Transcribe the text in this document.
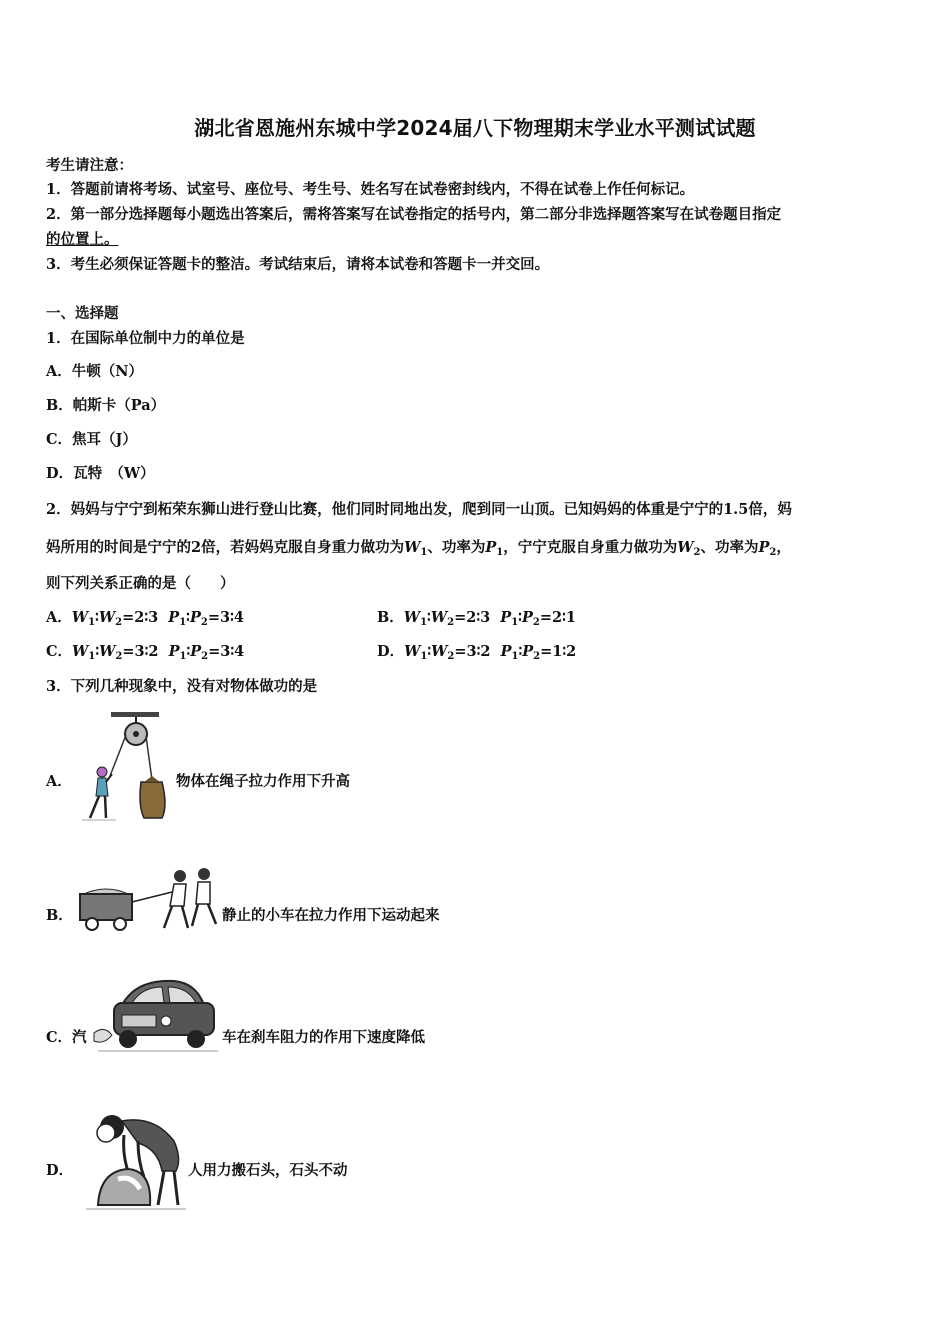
湖北省恩施州东城中学2024届八下物理期末学业水平测试试题
考生请注意：
1．答题前请将考场、试室号、座位号、考生号、姓名写在试卷密封线内，不得在试卷上作任何标记。
2．第一部分选择题每小题选出答案后，需将答案写在试卷指定的括号内，第二部分非选择题答案写在试卷题目指定
的位置上。
3．考生必须保证答题卡的整洁。考试结束后，请将本试卷和答题卡一并交回。
一、选择题
1．在国际单位制中力的单位是
A．牛顿（N）
B．帕斯卡（Pa）
C．焦耳（J）
D．瓦特　（W）
2．妈妈与宁宁到柘荣东狮山进行登山比赛，他们同时同地出发，爬到同一山顶。已知妈妈的体重是宁宁的1.5倍，妈
妈所用的时间是宁宁的2倍，若妈妈克服自身重力做功为$W_1$、功率为$P_1$，宁宁克服自身重力做功为$W_2$、功率为$P_2$，
则下列关系正确的是（　　）
A．$W_1∶W_2=2∶3$ $P_1∶P_2=3∶4$	B．$W_1∶W_2=2∶3$ $P_1∶P_2=2∶1$
C．$W_1∶W_2=3∶2$ $P_1∶P_2=3∶4$	D．$W_1∶W_2=3∶2$ $P_1∶P_2=1∶2$
3．下列几种现象中，没有对物体做功的是
A．	物体在绳子拉力作用下升高
B．	静止的小车在拉力作用下运动起来
C．汽	车在刹车阻力的作用下速度降低
D．	人用力搬石头，石头不动
